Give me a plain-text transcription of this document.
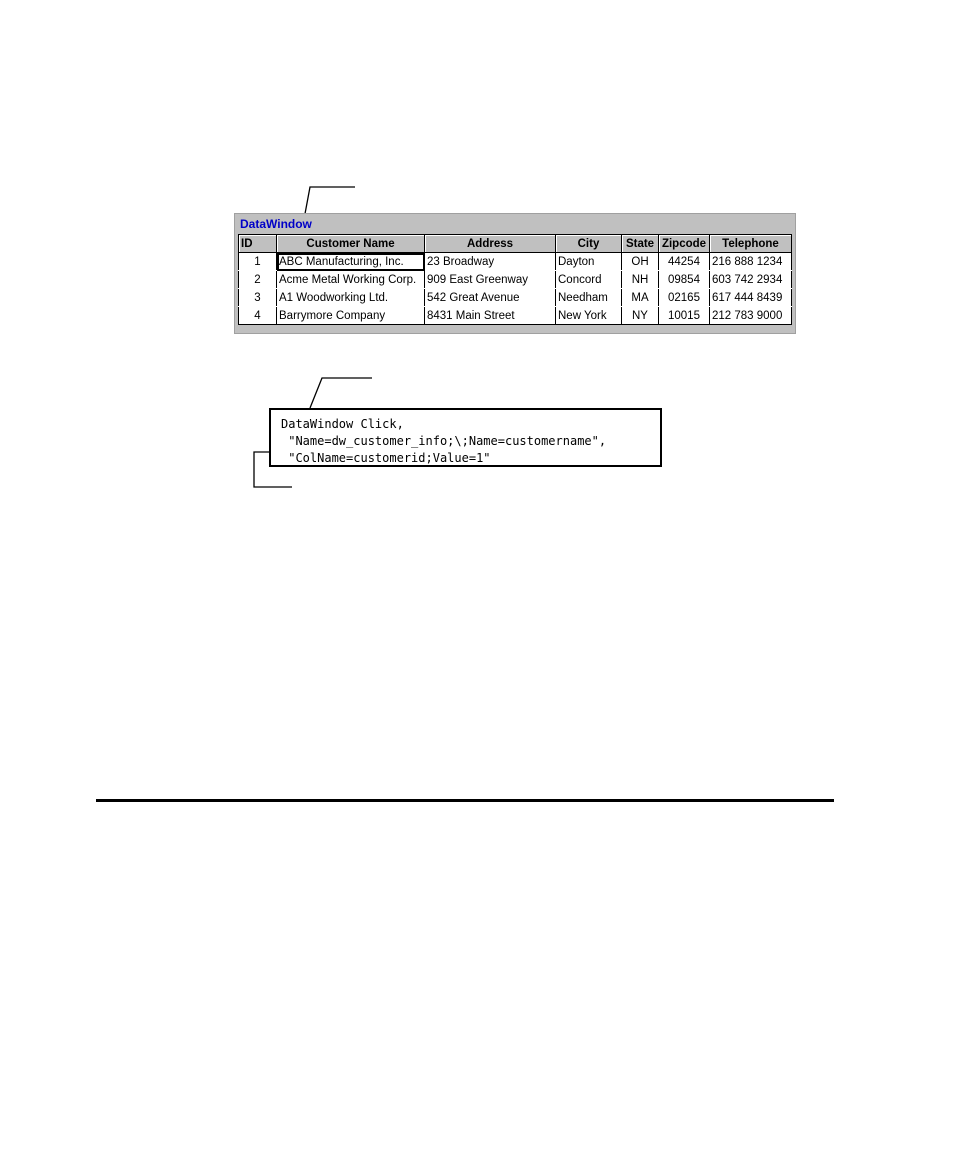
DataWindow
ID	Customer Name	Address	City	State	Zipcode	Telephone
1	ABC Manufacturing, Inc.	23 Broadway	Dayton	OH	44254	216 888 1234
2	Acme Metal Working Corp.	909 East Greenway	Concord	NH	09854	603 742 2934
3	A1 Woodworking Ltd.	542 Great Avenue	Needham	MA	02165	617 444 8439
4	Barrymore Company	8431 Main Street	New York	NY	10015	212 783 9000
DataWindow Click,
"Name=dw_customer_info;\;Name=customername",
"ColName=customerid;Value=1"
